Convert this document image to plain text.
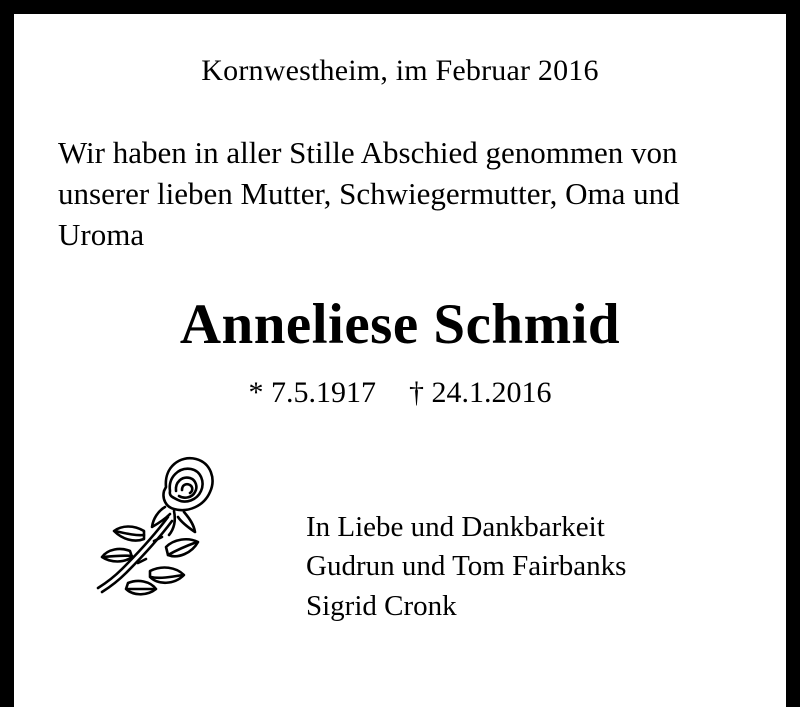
Kornwestheim, im Februar 2016
Wir haben in aller Stille Abschied genommen von
unserer lieben Mutter, Schwiegermutter, Oma und
Uroma
Anneliese Schmid
* 7.5.1917 † 24.1.2016
In Liebe und Dankbarkeit
Gudrun und Tom Fairbanks
Sigrid Cronk
